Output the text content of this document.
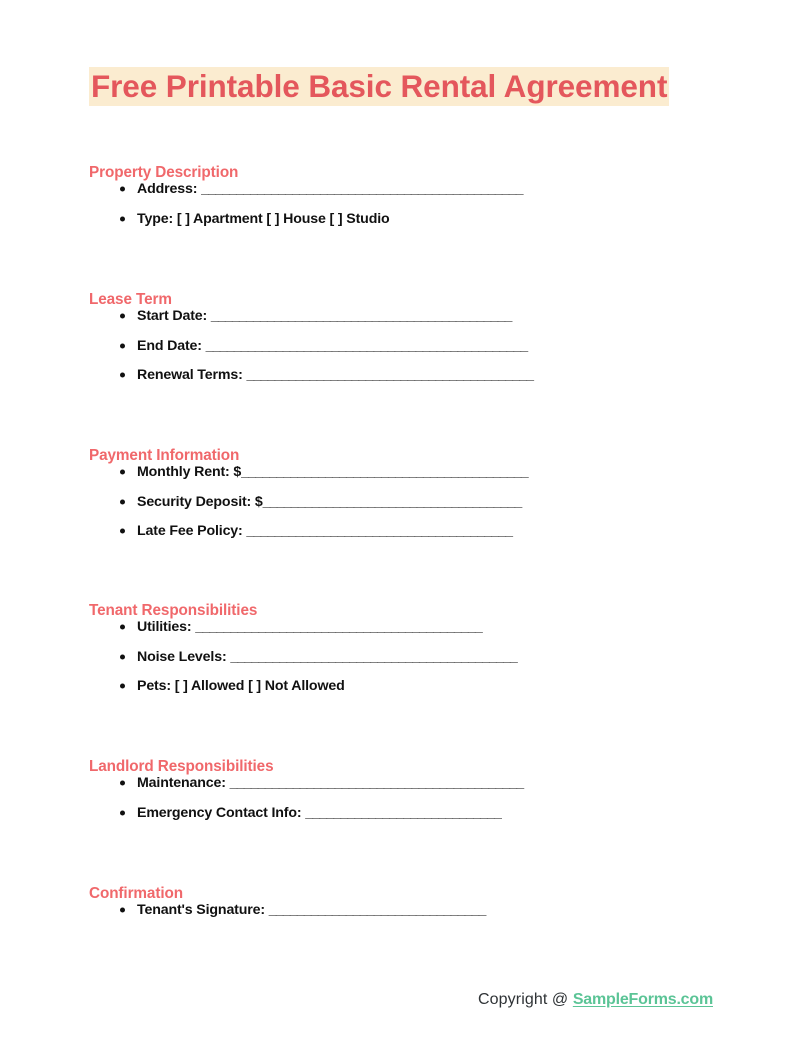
Free Printable Basic Rental Agreement
Property Description
Address: ______________________________________________
Type: [ ] Apartment [ ] House [ ] Studio
Lease Term
Start Date: ___________________________________________
End Date: ______________________________________________
Renewal Terms: _________________________________________
Payment Information
Monthly Rent: $_________________________________________
Security Deposit: $_____________________________________
Late Fee Policy: ______________________________________
Tenant Responsibilities
Utilities: _________________________________________
Noise Levels: _________________________________________
Pets: [ ] Allowed [ ] Not Allowed
Landlord Responsibilities
Maintenance: __________________________________________
Emergency Contact Info: ____________________________
Confirmation
Tenant's Signature: _______________________________
Copyright @ SampleForms.com
